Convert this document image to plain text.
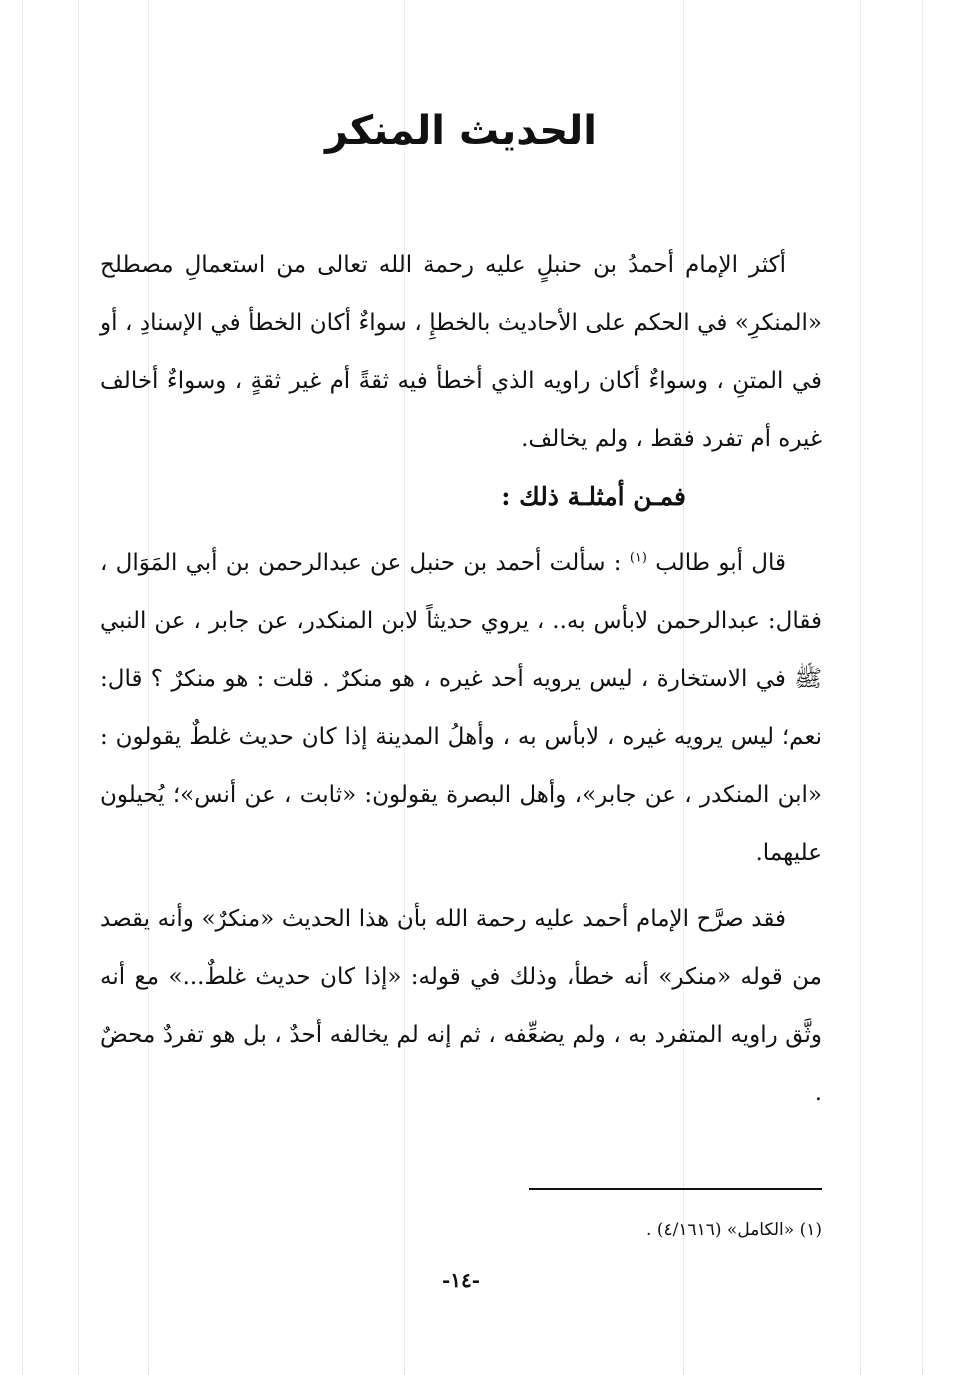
الحديث المنكر

أكثر الإمام أحمدُ بن حنبلٍ عليه رحمة الله تعالى من استعمالِ مصطلح «المنكرِ» في الحكم على الأحاديث بالخطإِ ، سواءٌ أكان الخطأ في الإسنادِ ، أو في المتنِ ، وسواءٌ أكان راويه الذي أخطأ فيه ثقةً أم غير ثقةٍ ، وسواءٌ أخالف غيره أم تفرد فقط ، ولم يخالف.

فمـن أمثلـة ذلك :

قال أبو طالب $^{(١)}$ : سألت أحمد بن حنبل عن عبدالرحمن بن أبي المَوَال ، فقال: عبدالرحمن لابأس به.. ، يروي حديثاً لابن المنكدر، عن جابر ، عن النبي ﷺ في الاستخارة ، ليس يرويه أحد غيره ، هو منكرٌ . قلت : هو منكرٌ ؟ قال: نعم؛ ليس يرويه غيره ، لابأس به ، وأهلُ المدينة إذا كان حديث غلطٌ يقولون : «ابن المنكدر ، عن جابر»، وأهل البصرة يقولون: «ثابت ، عن أنس»؛ يُحيلون عليهما.

فقد صرَّح الإمام أحمد عليه رحمة الله بأن هذا الحديث «منكرٌ» وأنه يقصد من قوله «منكر» أنه خطأ، وذلك في قوله: «إذا كان حديث غلطٌ...» مع أنه وثَّق راويه المتفرد به ، ولم يضعِّفه ، ثم إنه لم يخالفه أحدٌ ، بل هو تفردٌ محضٌ .

(١) «الكامل» (٤/١٦١٦) .

-١٤-
